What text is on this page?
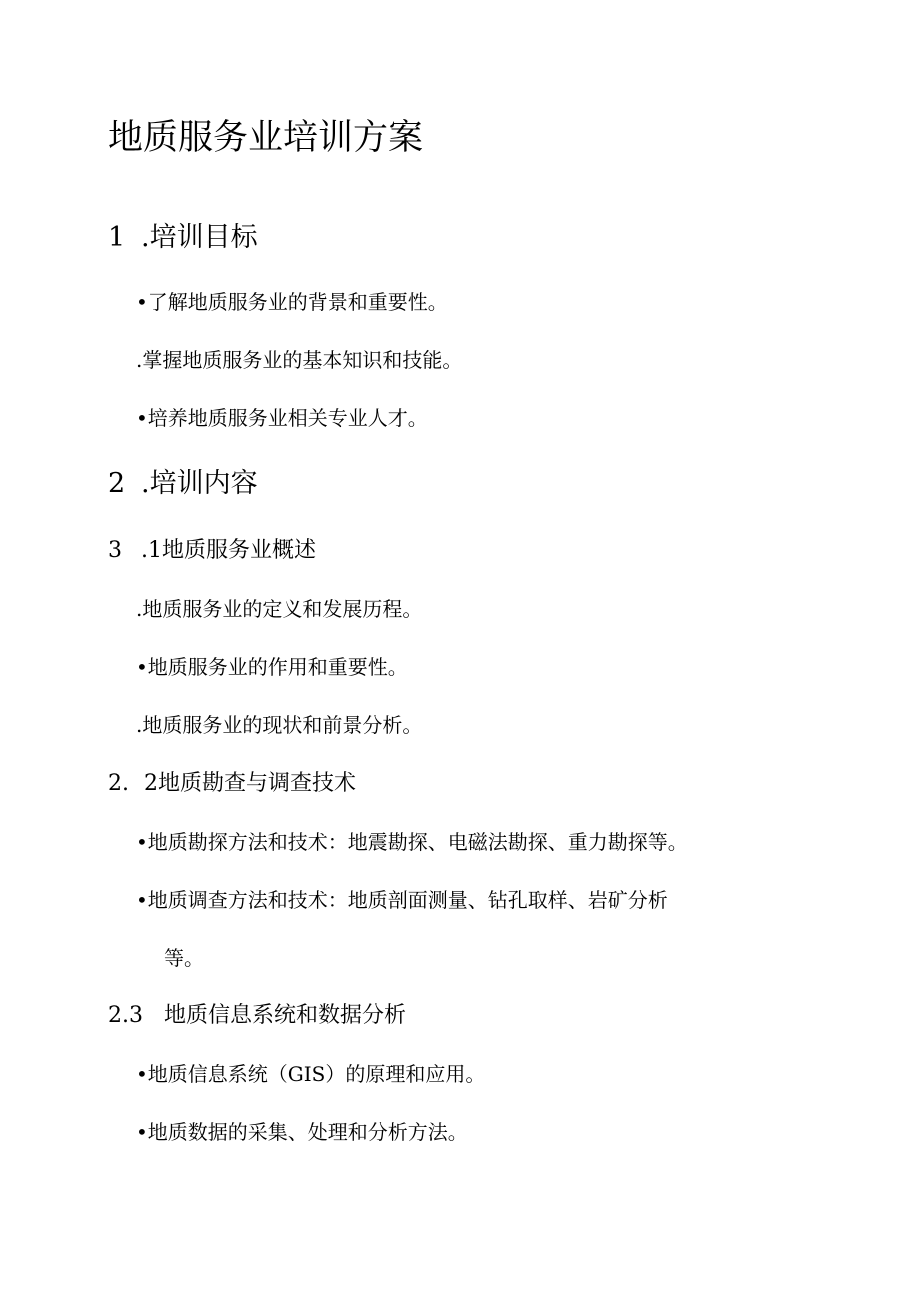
地质服务业培训方案
1 .培训目标
•了解地质服务业的背景和重要性。
.掌握地质服务业的基本知识和技能。
•培养地质服务业相关专业人才。
2 .培训内容
3 .1地质服务业概述
.地质服务业的定义和发展历程。
•地质服务业的作用和重要性。
.地质服务业的现状和前景分析。
2. 2地质勘查与调查技术
•地质勘探方法和技术：地震勘探、电磁法勘探、重力勘探等。
•地质调查方法和技术：地质剖面测量、钻孔取样、岩矿分析
等。
2.3 地质信息系统和数据分析
•地质信息系统（GIS）的原理和应用。
•地质数据的采集、处理和分析方法。
